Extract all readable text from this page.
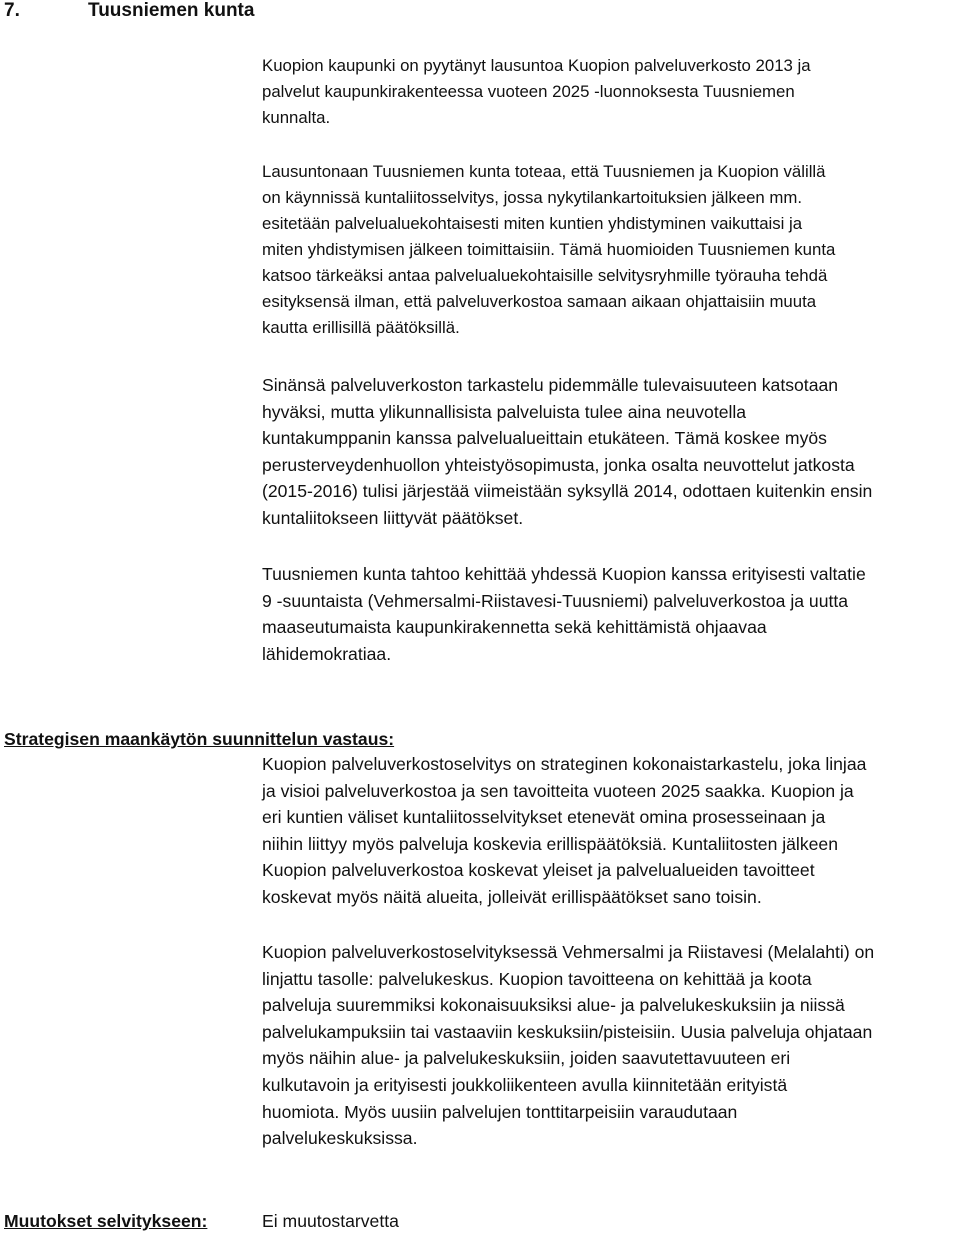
7.	Tuusniemen kunta

Kuopion kaupunki on pyytänyt lausuntoa Kuopion palveluverkosto 2013 ja
palvelut kaupunkirakenteessa vuoteen 2025 -luonnoksesta Tuusniemen
kunnalta.

Lausuntonaan Tuusniemen kunta toteaa, että Tuusniemen ja Kuopion välillä
on käynnissä kuntaliitosselvitys, jossa nykytilankartoituksien jälkeen mm.
esitetään palvelualuekohtaisesti miten kuntien yhdistyminen vaikuttaisi ja
miten yhdistymisen jälkeen toimittaisiin. Tämä huomioiden Tuusniemen kunta
katsoo tärkeäksi antaa palvelualuekohtaisille selvitysryhmille työrauha tehdä
esityksensä ilman, että palveluverkostoa samaan aikaan ohjattaisiin muuta
kautta erillisillä päätöksillä.

Sinänsä palveluverkoston tarkastelu pidemmälle tulevaisuuteen katsotaan
hyväksi, mutta ylikunnallisista palveluista tulee aina neuvotella
kuntakumppanin kanssa palvelualueittain etukäteen. Tämä koskee myös
perusterveydenhuollon yhteistyösopimusta, jonka osalta neuvottelut jatkosta
(2015-2016) tulisi järjestää viimeistään syksyllä 2014, odottaen kuitenkin ensin
kuntaliitokseen liittyvät päätökset.

Tuusniemen kunta tahtoo kehittää yhdessä Kuopion kanssa erityisesti valtatie
9 -suuntaista (Vehmersalmi-Riistavesi-Tuusniemi) palveluverkostoa ja uutta
maaseutumaista kaupunkirakennetta sekä kehittämistä ohjaavaa
lähidemokratiaa.

Strategisen maankäytön suunnittelun vastaus:

Kuopion palveluverkostoselvitys on strateginen kokonaistarkastelu, joka linjaa
ja visioi palveluverkostoa ja sen tavoitteita vuoteen 2025 saakka. Kuopion ja
eri kuntien väliset kuntaliitosselvitykset etenevät omina prosesseinaan ja
niihin liittyy myös palveluja koskevia erillispäätöksiä. Kuntaliitosten jälkeen
Kuopion palveluverkostoa koskevat yleiset ja palvelualueiden tavoitteet
koskevat myös näitä alueita, jolleivät erillispäätökset sano toisin.

Kuopion palveluverkostoselvityksessä Vehmersalmi ja Riistavesi (Melalahti) on
linjattu tasolle: palvelukeskus. Kuopion tavoitteena on kehittää ja koota
palveluja suuremmiksi kokonaisuuksiksi alue- ja palvelukeskuksiin ja niissä
palvelukampuksiin tai vastaaviin keskuksiin/pisteisiin. Uusia palveluja ohjataan
myös näihin alue- ja palvelukeskuksiin, joiden saavutettavuuteen eri
kulkutavoin ja erityisesti joukkoliikenteen avulla kiinnitetään erityistä
huomiota. Myös uusiin palvelujen tonttitarpeisiin varaudutaan
palvelukeskuksissa.

Muutokset selvitykseen:	Ei muutostarvetta
